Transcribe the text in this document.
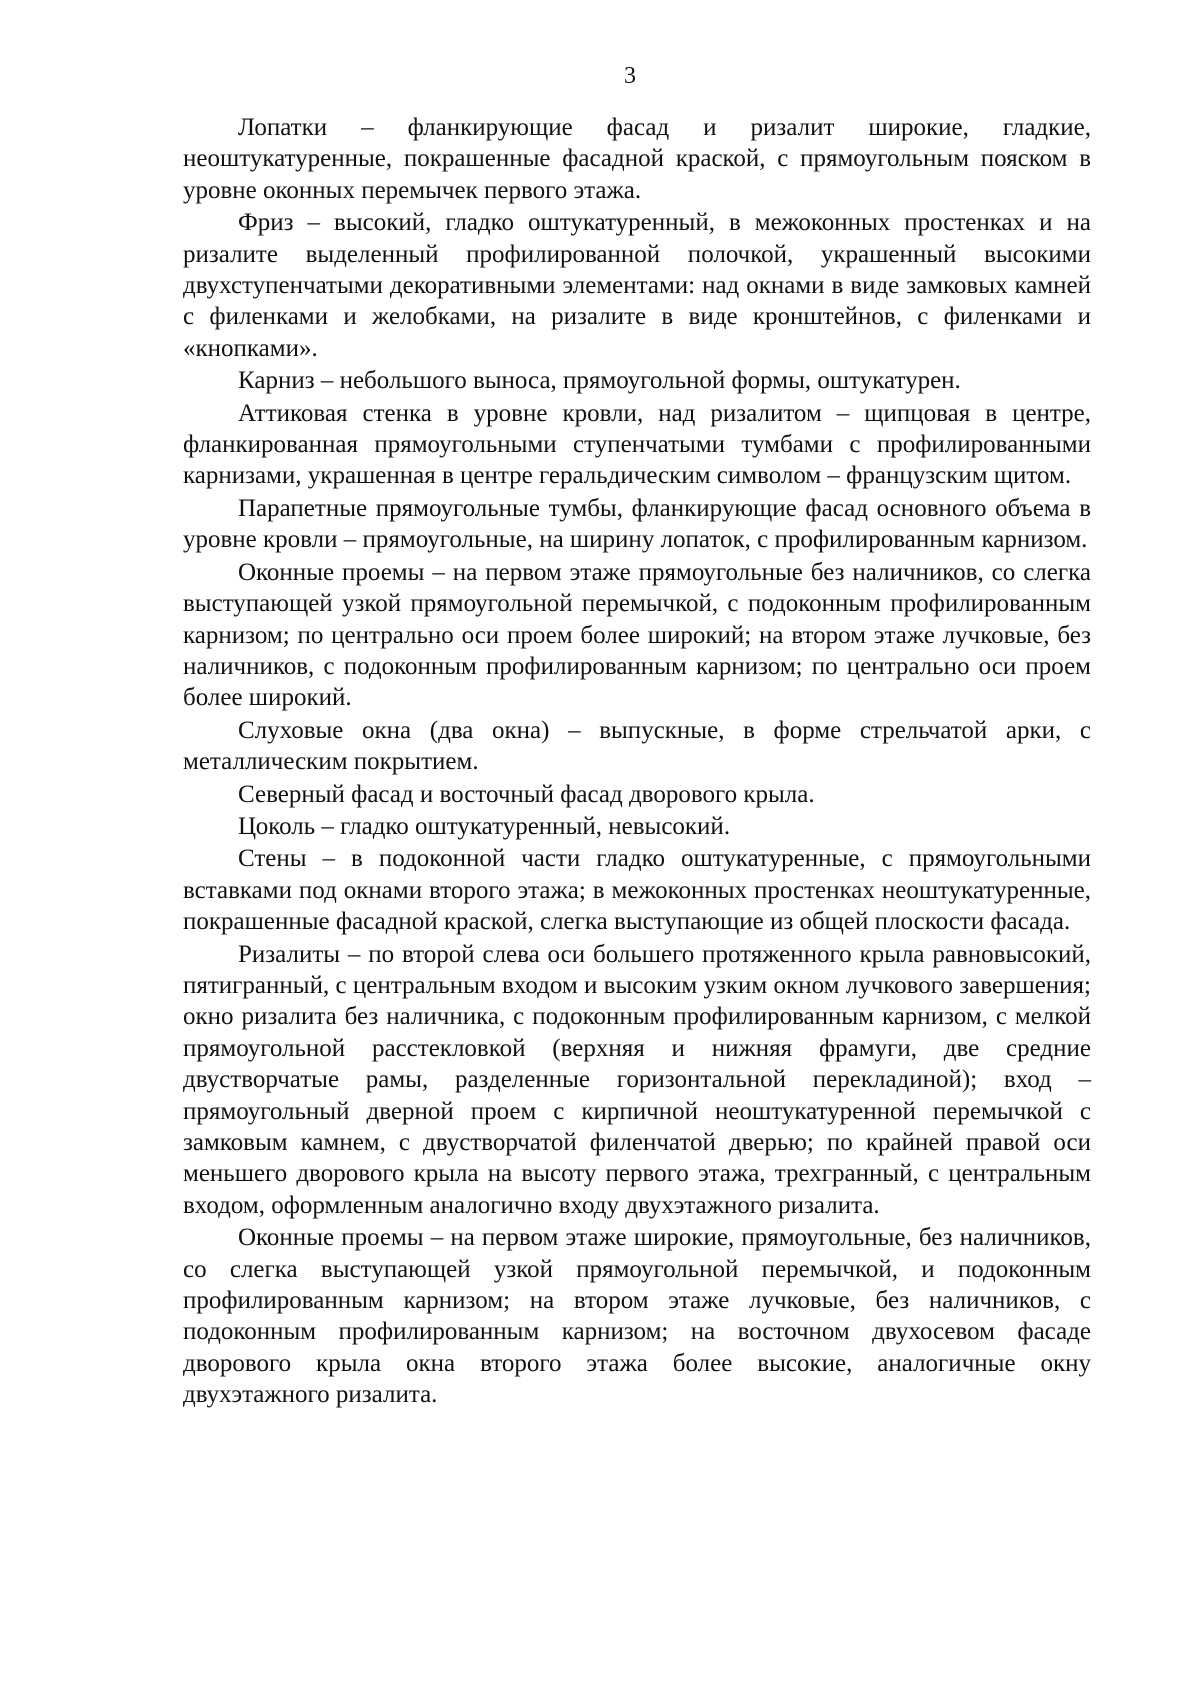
3

Лопатки – фланкирующие фасад и ризалит широкие, гладкие, неоштукатуренные, покрашенные фасадной краской, с прямоугольным пояском в уровне оконных перемычек первого этажа.

Фриз – высокий, гладко оштукатуренный, в межоконных простенках и на ризалите выделенный профилированной полочкой, украшенный высокими двухступенчатыми декоративными элементами: над окнами в виде замковых камней с филенками и желобками, на ризалите в виде кронштейнов, с филенками и «кнопками».

Карниз – небольшого выноса, прямоугольной формы, оштукатурен.

Аттиковая стенка в уровне кровли, над ризалитом – щипцовая в центре, фланкированная прямоугольными ступенчатыми тумбами с профилированными карнизами, украшенная в центре геральдическим символом – французским щитом.

Парапетные прямоугольные тумбы, фланкирующие фасад основного объема в уровне кровли – прямоугольные, на ширину лопаток, с профилированным карнизом.

Оконные проемы – на первом этаже прямоугольные без наличников, со слегка выступающей узкой прямоугольной перемычкой, с подоконным профилированным карнизом; по центрально оси проем более широкий; на втором этаже лучковые, без наличников, с подоконным профилированным карнизом; по центрально оси проем более широкий.

Слуховые окна (два окна) – выпускные, в форме стрельчатой арки, с металлическим покрытием.

Северный фасад и восточный фасад дворового крыла.

Цоколь – гладко оштукатуренный, невысокий.

Стены – в подоконной части гладко оштукатуренные, с прямоугольными вставками под окнами второго этажа; в межоконных простенках неоштукатуренные, покрашенные фасадной краской, слегка выступающие из общей плоскости фасада.

Ризалиты – по второй слева оси большего протяженного крыла равновысокий, пятигранный, с центральным входом и высоким узким окном лучкового завершения; окно ризалита без наличника, с подоконным профилированным карнизом, с мелкой прямоугольной расстекловкой (верхняя и нижняя фрамуги, две средние двустворчатые рамы, разделенные горизонтальной перекладиной); вход – прямоугольный дверной проем с кирпичной неоштукатуренной перемычкой с замковым камнем, с двустворчатой филенчатой дверью; по крайней правой оси меньшего дворового крыла на высоту первого этажа, трехгранный, с центральным входом, оформленным аналогично входу двухэтажного ризалита.

Оконные проемы – на первом этаже широкие, прямоугольные, без наличников, со слегка выступающей узкой прямоугольной перемычкой, и подоконным профилированным карнизом; на втором этаже лучковые, без наличников, с подоконным профилированным карнизом; на восточном двухосевом фасаде дворового крыла окна второго этажа более высокие, аналогичные окну двухэтажного ризалита.
